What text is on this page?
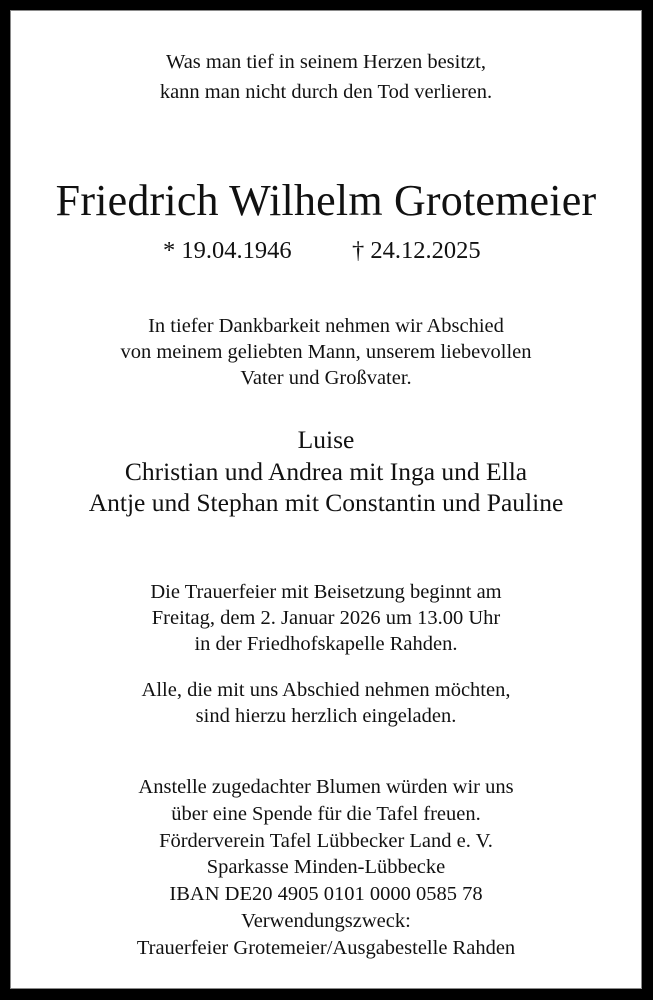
Was man tief in seinem Herzen besitzt,
kann man nicht durch den Tod verlieren.
Friedrich Wilhelm Grotemeier
* 19.04.1946 † 24.12.2025
In tiefer Dankbarkeit nehmen wir Abschied
von meinem geliebten Mann, unserem liebevollen
Vater und Großvater.
Luise
Christian und Andrea mit Inga und Ella
Antje und Stephan mit Constantin und Pauline
Die Trauerfeier mit Beisetzung beginnt am
Freitag, dem 2. Januar 2026 um 13.00 Uhr
in der Friedhofskapelle Rahden.
Alle, die mit uns Abschied nehmen möchten,
sind hierzu herzlich eingeladen.
Anstelle zugedachter Blumen würden wir uns
über eine Spende für die Tafel freuen.
Förderverein Tafel Lübbecker Land e. V.
Sparkasse Minden-Lübbecke
IBAN DE20 4905 0101 0000 0585 78
Verwendungszweck:
Trauerfeier Grotemeier/Ausgabestelle Rahden
